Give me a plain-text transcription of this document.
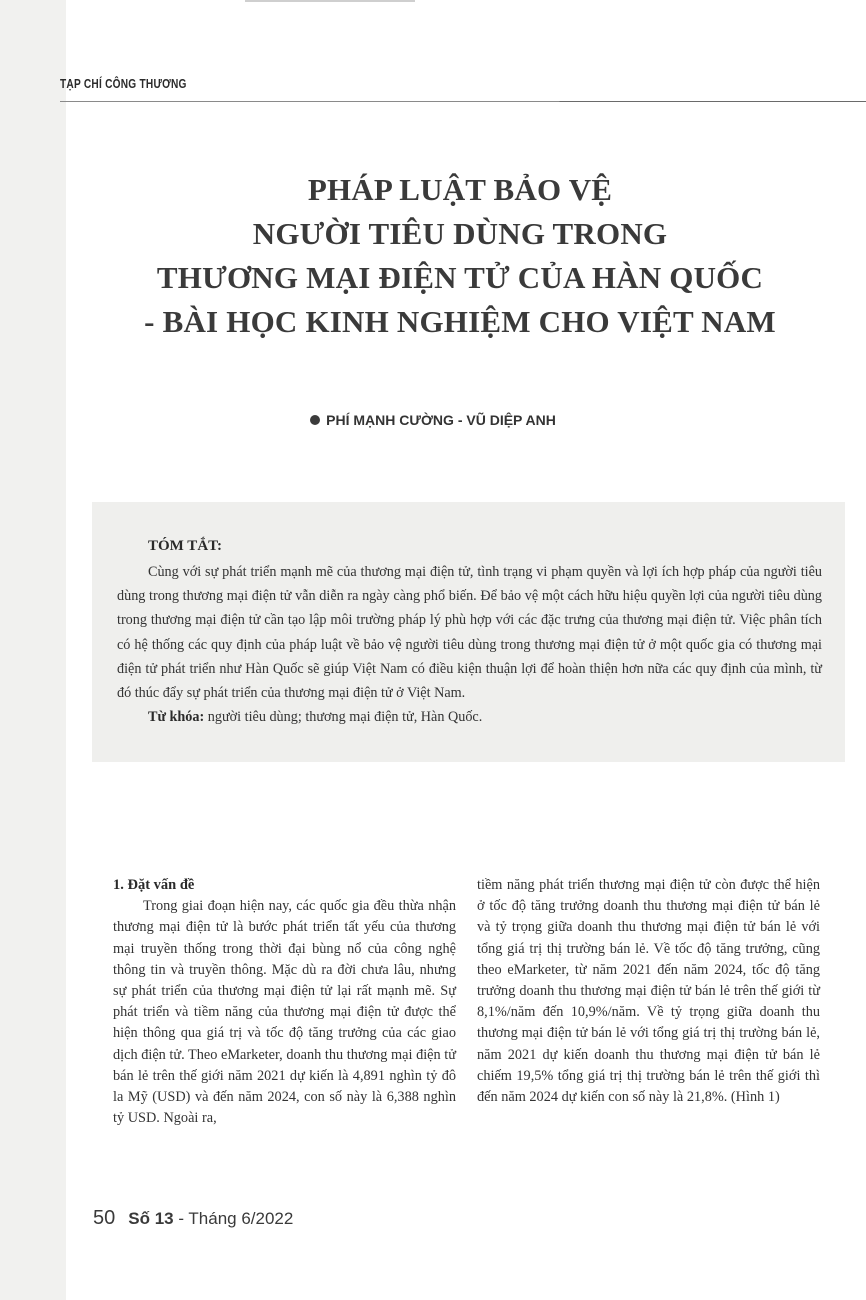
TẠP CHÍ CÔNG THƯƠNG
PHÁP LUẬT BẢO VỆ
NGƯỜI TIÊU DÙNG TRONG
THƯƠNG MẠI ĐIỆN TỬ CỦA HÀN QUỐC
- BÀI HỌC KINH NGHIỆM CHO VIỆT NAM
PHÍ MẠNH CƯỜNG - VŨ DIỆP ANH
TÓM TẮT:

Cùng với sự phát triển mạnh mẽ của thương mại điện tử, tình trạng vi phạm quyền và lợi ích hợp pháp của người tiêu dùng trong thương mại điện tử vẫn diễn ra ngày càng phổ biến. Để bảo vệ một cách hữu hiệu quyền lợi của người tiêu dùng trong thương mại điện tử cần tạo lập môi trường pháp lý phù hợp với các đặc trưng của thương mại điện tử. Việc phân tích có hệ thống các quy định của pháp luật về bảo vệ người tiêu dùng trong thương mại điện tử ở một quốc gia có thương mại điện tử phát triển như Hàn Quốc sẽ giúp Việt Nam có điều kiện thuận lợi để hoàn thiện hơn nữa các quy định của mình, từ đó thúc đẩy sự phát triển của thương mại điện tử ở Việt Nam.

Từ khóa: người tiêu dùng; thương mại điện tử, Hàn Quốc.

1. Đặt vấn đề

Trong giai đoạn hiện nay, các quốc gia đều thừa nhận thương mại điện tử là bước phát triển tất yếu của thương mại truyền thống trong thời đại bùng nổ của công nghệ thông tin và truyền thông. Mặc dù ra đời chưa lâu, nhưng sự phát triển của thương mại điện tử lại rất mạnh mẽ. Sự phát triển và tiềm năng của thương mại điện tử được thể hiện thông qua giá trị và tốc độ tăng trưởng của các giao dịch điện tử. Theo eMarketer, doanh thu thương mại điện tử bán lẻ trên thế giới năm 2021 dự kiến là 4,891 nghìn tỷ đô la Mỹ (USD) và đến năm 2024, con số này là 6,388 nghìn tỷ USD. Ngoài ra,

tiềm năng phát triển thương mại điện tử còn được thể hiện ở tốc độ tăng trưởng doanh thu thương mại điện tử bán lẻ và tỷ trọng giữa doanh thu thương mại điện tử bán lẻ với tổng giá trị thị trường bán lẻ. Về tốc độ tăng trưởng, cũng theo eMarketer, từ năm 2021 đến năm 2024, tốc độ tăng trưởng doanh thu thương mại điện tử bán lẻ trên thế giới từ 8,1%/năm đến 10,9%/năm. Về tỷ trọng giữa doanh thu thương mại điện tử bán lẻ với tổng giá trị thị trường bán lẻ, năm 2021 dự kiến doanh thu thương mại điện tử bán lẻ chiếm 19,5% tổng giá trị thị trường bán lẻ trên thế giới thì đến năm 2024 dự kiến con số này là 21,8%. (Hình 1)

50 Số 13 - Tháng 6/2022
